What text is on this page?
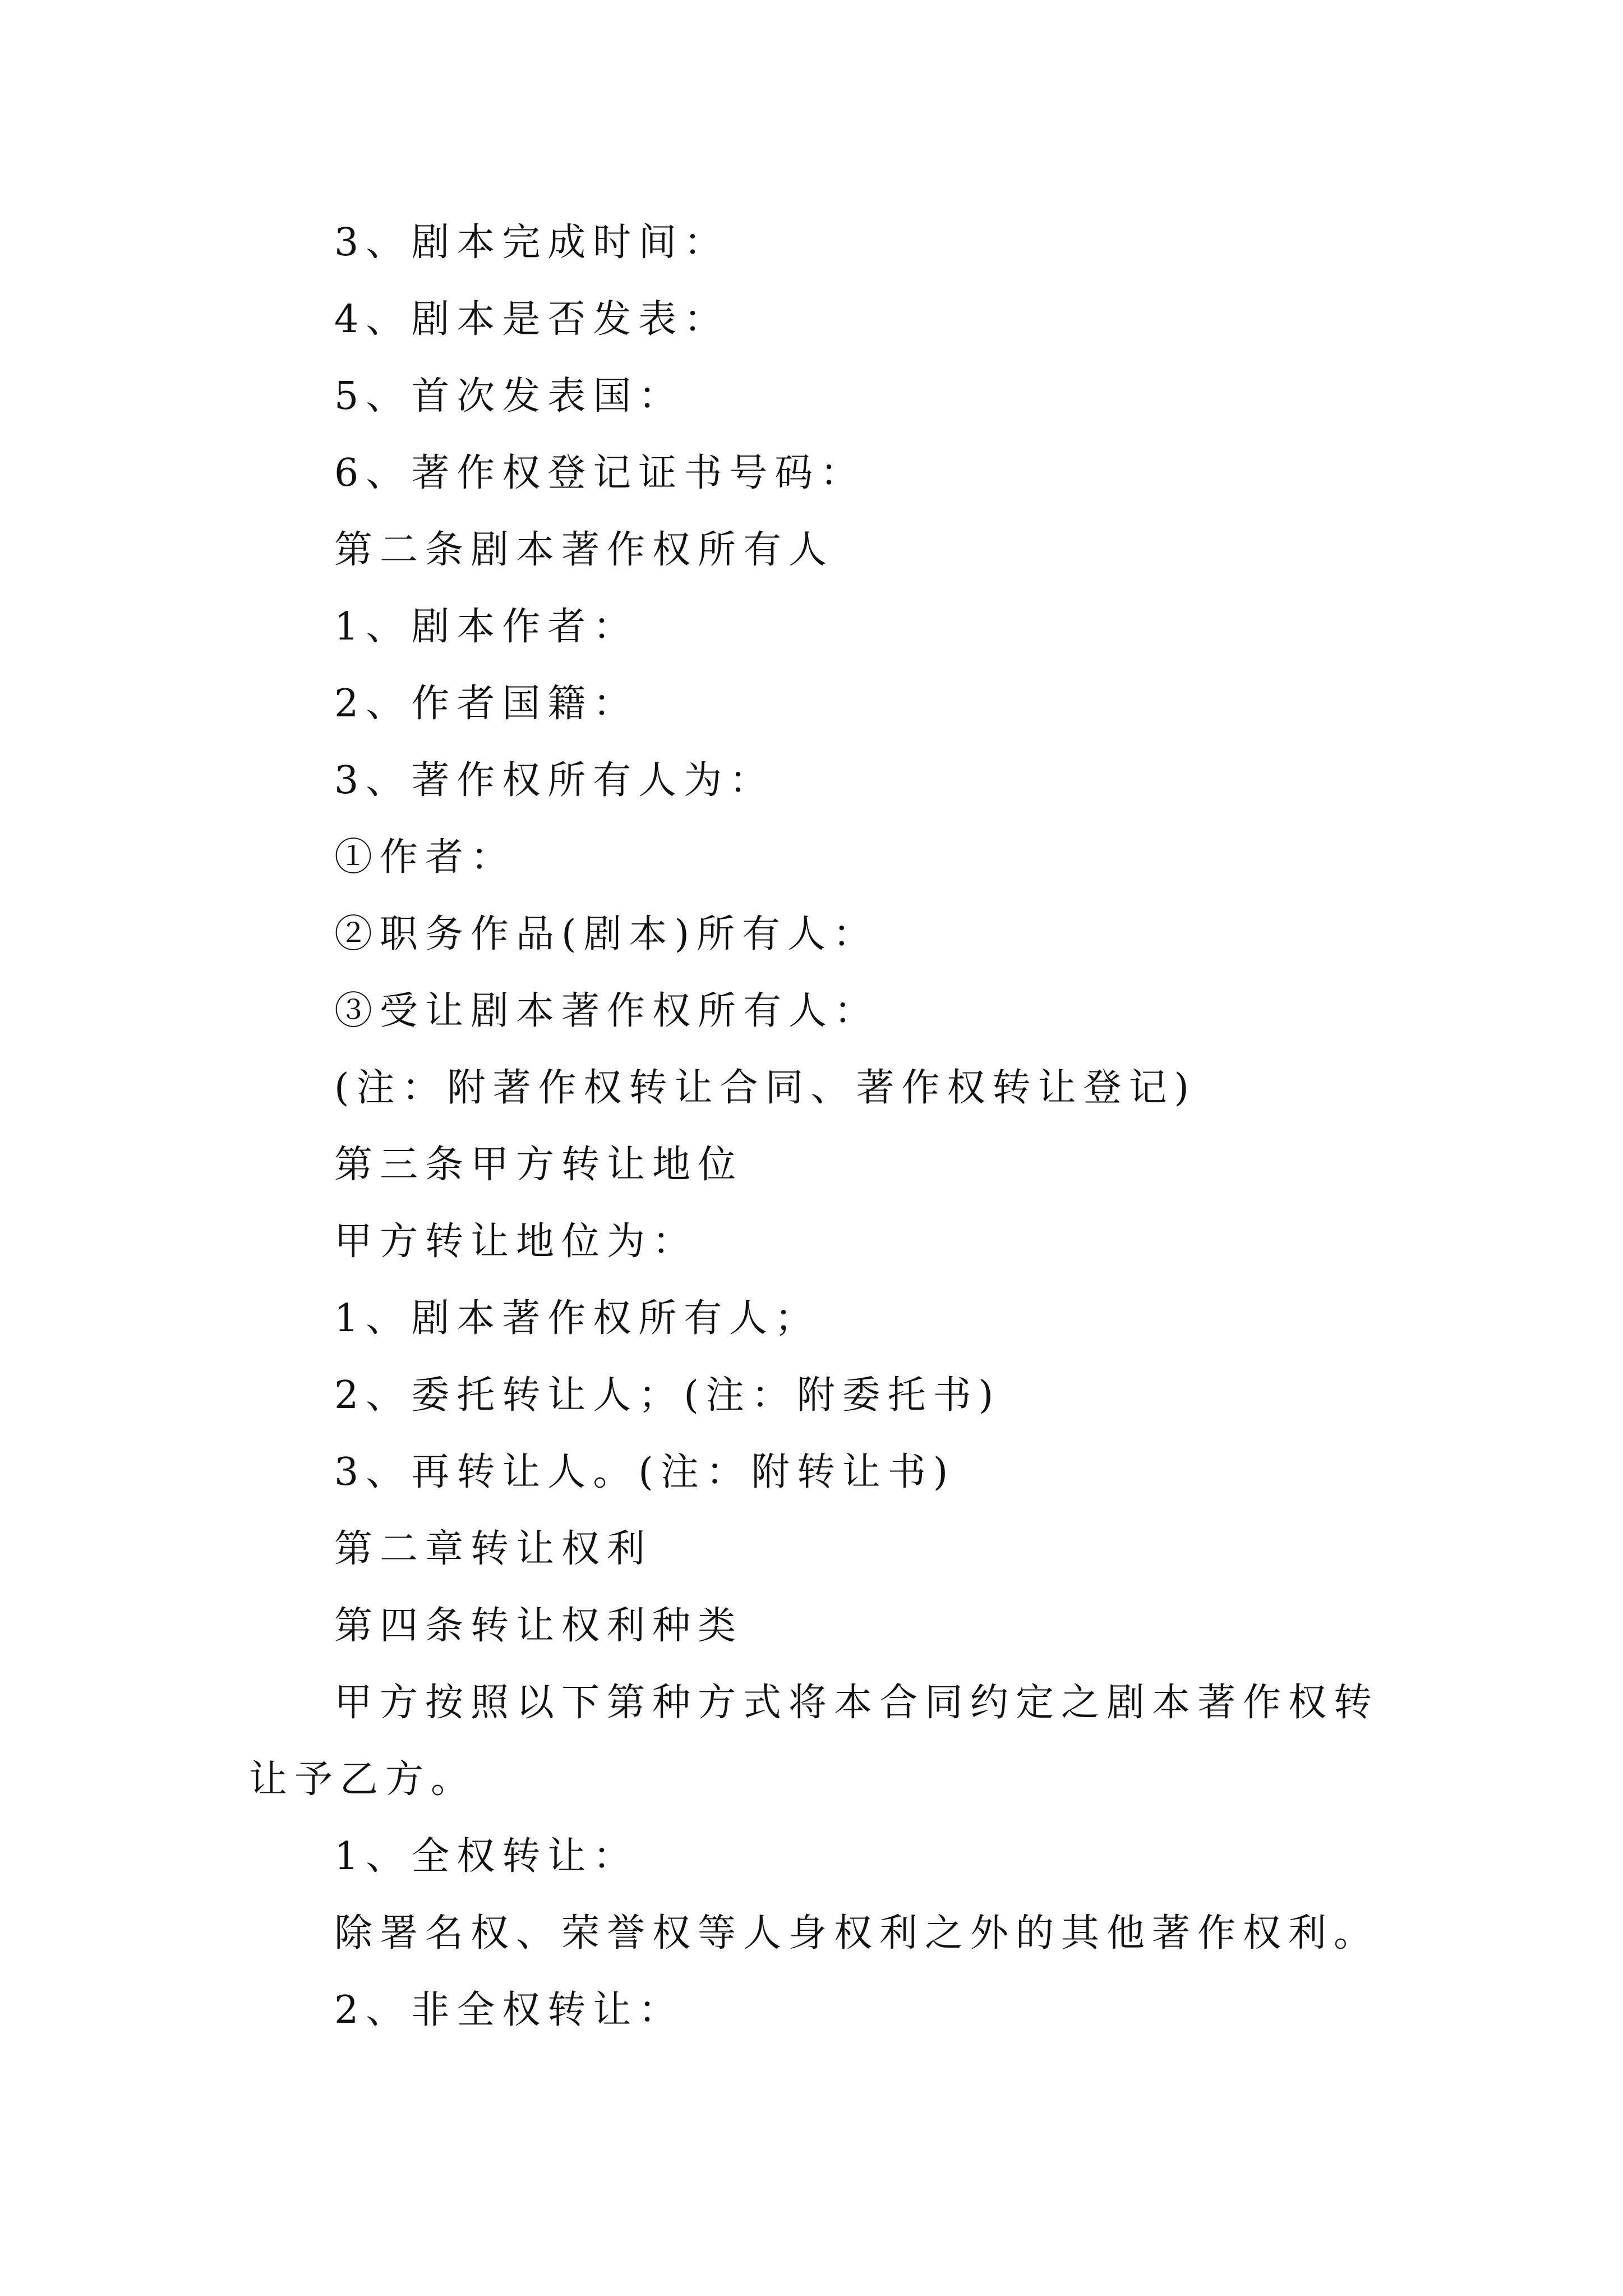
3、剧本完成时间：
4、剧本是否发表：
5、首次发表国：
6、著作权登记证书号码：
第二条剧本著作权所有人
1、剧本作者：
2、作者国籍：
3、著作权所有人为：
①作者：
②职务作品(剧本)所有人：
③受让剧本著作权所有人：
(注：附著作权转让合同、著作权转让登记)
第三条甲方转让地位
甲方转让地位为：
1、剧本著作权所有人；
2、委托转让人；(注：附委托书)
3、再转让人。(注：附转让书)
第二章转让权利
第四条转让权利种类
甲方按照以下第种方式将本合同约定之剧本著作权转
让予乙方。
1、全权转让：
除署名权、荣誉权等人身权利之外的其他著作权利。
2、非全权转让：
